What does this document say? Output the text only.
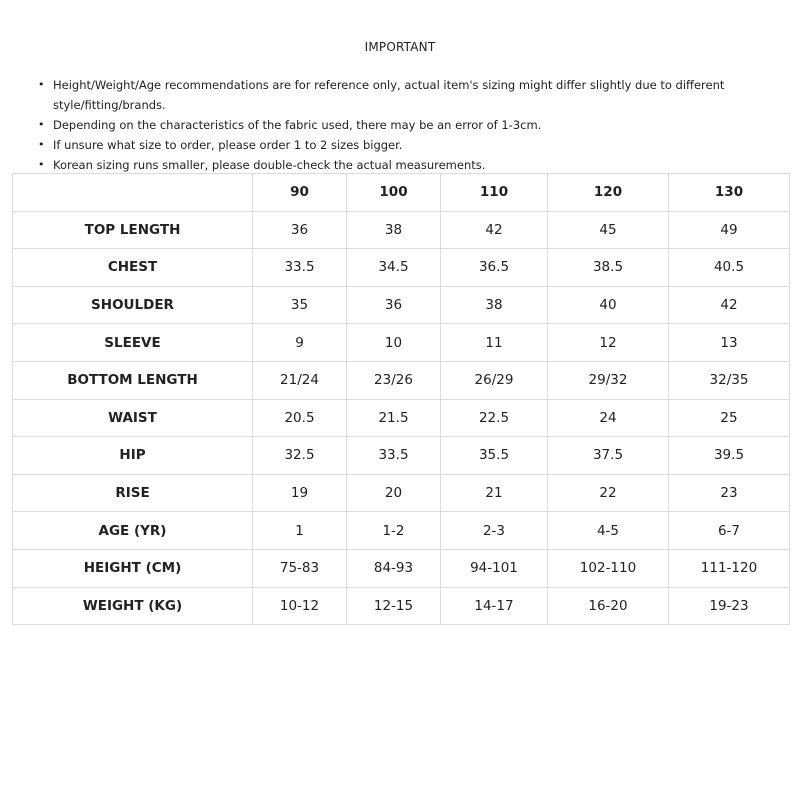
IMPORTANT
• Height/Weight/Age recommendations are for reference only, actual item's sizing might differ slightly due to different style/fitting/brands.
• Depending on the characteristics of the fabric used, there may be an error of 1-3cm.
• If unsure what size to order, please order 1 to 2 sizes bigger.
• Korean sizing runs smaller, please double-check the actual measurements.
	90	100	110	120	130
TOP LENGTH	36	38	42	45	49
CHEST	33.5	34.5	36.5	38.5	40.5
SHOULDER	35	36	38	40	42
SLEEVE	9	10	11	12	13
BOTTOM LENGTH	21/24	23/26	26/29	29/32	32/35
WAIST	20.5	21.5	22.5	24	25
HIP	32.5	33.5	35.5	37.5	39.5
RISE	19	20	21	22	23
AGE (YR)	1	1-2	2-3	4-5	6-7
HEIGHT (CM)	75-83	84-93	94-101	102-110	111-120
WEIGHT (KG)	10-12	12-15	14-17	16-20	19-23
